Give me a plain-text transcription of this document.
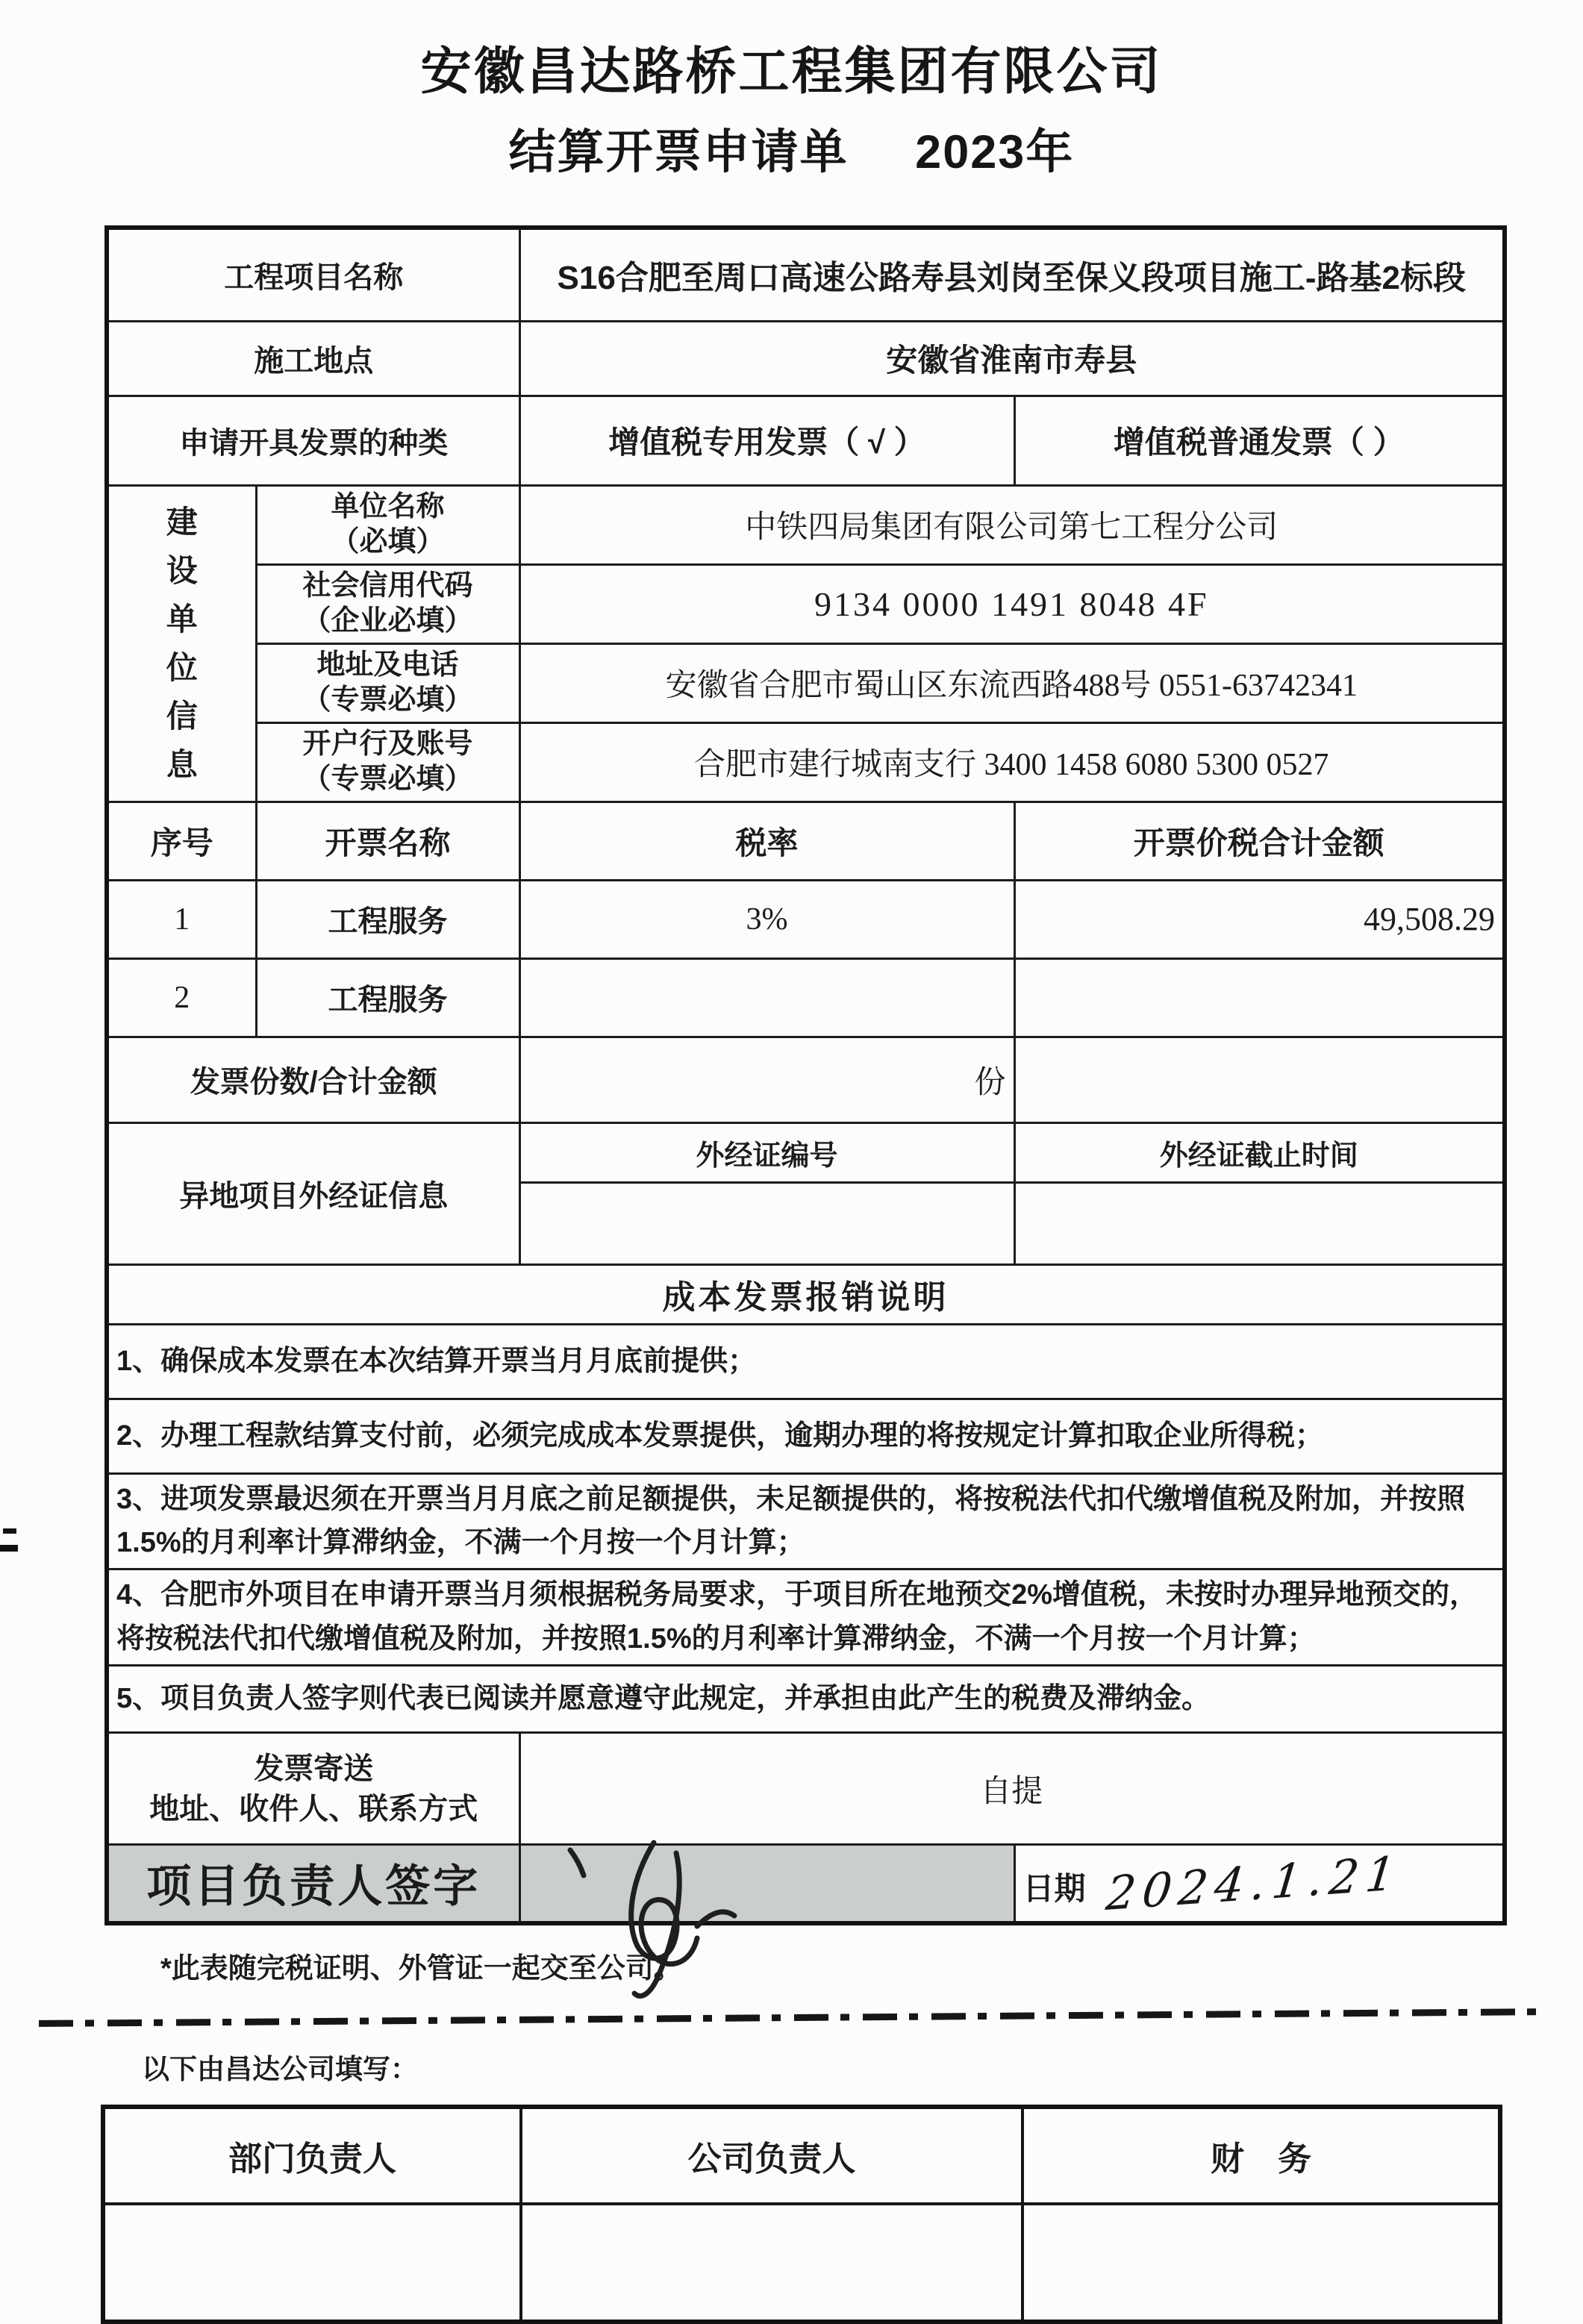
安徽昌达路桥工程集团有限公司
结算开票申请单 2023年
工程项目名称		S16合肥至周口高速公路寿县刘岗至保义段项目施工-路基2标段	
施工地点		安徽省淮南市寿县	
申请开具发票的种类		增值税专用发票（ √ ）	增值税普通发票（ ）

建
设
单
位
信
息

单位名称
（必填）	中铁四局集团有限公司第七工程分公司

	社会信用代码
（企业必填）	9134 0000 1491 8048 4F	

	地址及电话
（专票必填）	安徽省合肥市蜀山区东流西路488号 0551-63742341	

	开户行及账号
（专票必填）	合肥市建行城南支行 3400 1458 6080 5300 0527	
序号	开票名称	税率	开票价税合计金额
1	工程服务	3%	49,508.29
2	工程服务		
发票份数/合计金额		份	
异地项目外经证信息		外经证编号	外经证截止时间

成本发票报销说明			
1、确保成本发票在本次结算开票当月月底前提供；			
2、办理工程款结算支付前，必须完成成本发票提供，逾期办理的将按规定计算扣取企业所得税；			
3、进项发票最迟须在开票当月月底之前足额提供，未足额提供的，将按税法代扣代缴增值税及附加，并按照1.5%的月利率计算滞纳金，不满一个月按一个月计算；			
4、合肥市外项目在申请开票当月须根据税务局要求，于项目所在地预交2%增值税，未按时办理异地预交的，将按税法代扣代缴增值税及附加，并按照1.5%的月利率计算滞纳金，不满一个月按一个月计算；			
5、项目负责人签字则代表已阅读并愿意遵守此规定，并承担由此产生的税费及滞纳金。			

发票寄送
地址、收件人、联系方式		自提	
项目负责人签字			日期 2024.1.21
*此表随完税证明、外管证一起交至公司。
以下由昌达公司填写：
部门负责人	公司负责人	财　务
